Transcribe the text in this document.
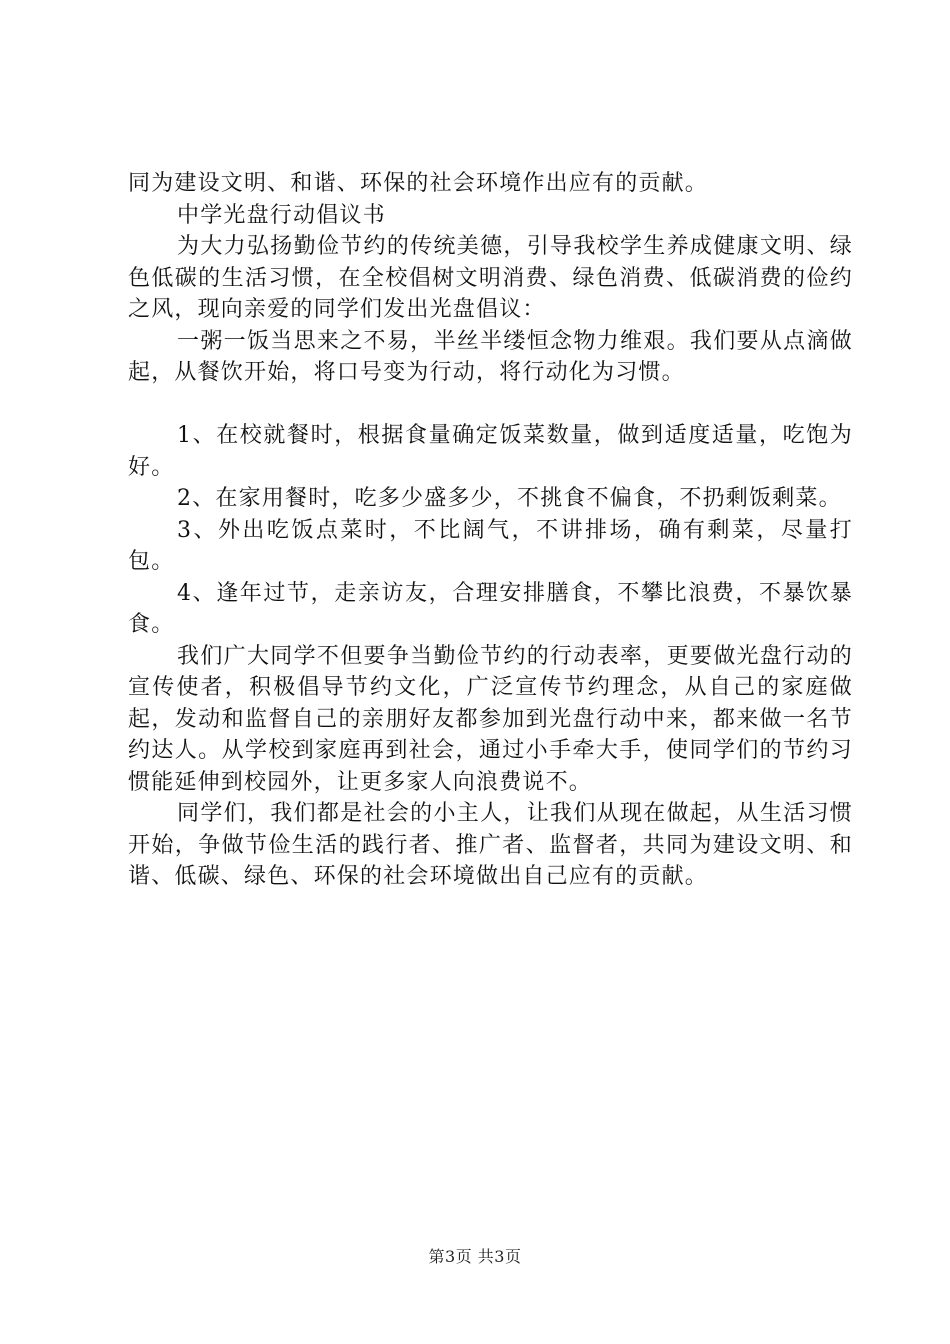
同为建设文明、和谐、环保的社会环境作出应有的贡献。

中学光盘行动倡议书

为大力弘扬勤俭节约的传统美德，引导我校学生养成健康文明、绿色低碳的生活习惯，在全校倡树文明消费、绿色消费、低碳消费的俭约之风，现向亲爱的同学们发出光盘倡议：

一粥一饭当思来之不易，半丝半缕恒念物力维艰。我们要从点滴做起，从餐饮开始，将口号变为行动，将行动化为习惯。

1、在校就餐时，根据食量确定饭菜数量，做到适度适量，吃饱为好。

2、在家用餐时，吃多少盛多少，不挑食不偏食，不扔剩饭剩菜。

3、外出吃饭点菜时，不比阔气，不讲排场，确有剩菜，尽量打包。

4、逢年过节，走亲访友，合理安排膳食，不攀比浪费，不暴饮暴食。

我们广大同学不但要争当勤俭节约的行动表率，更要做光盘行动的宣传使者，积极倡导节约文化，广泛宣传节约理念，从自己的家庭做起，发动和监督自己的亲朋好友都参加到光盘行动中来，都来做一名节约达人。从学校到家庭再到社会，通过小手牵大手，使同学们的节约习惯能延伸到校园外，让更多家人向浪费说不。

同学们，我们都是社会的小主人，让我们从现在做起，从生活习惯开始，争做节俭生活的践行者、推广者、监督者，共同为建设文明、和谐、低碳、绿色、环保的社会环境做出自己应有的贡献。

第3页 共3页
